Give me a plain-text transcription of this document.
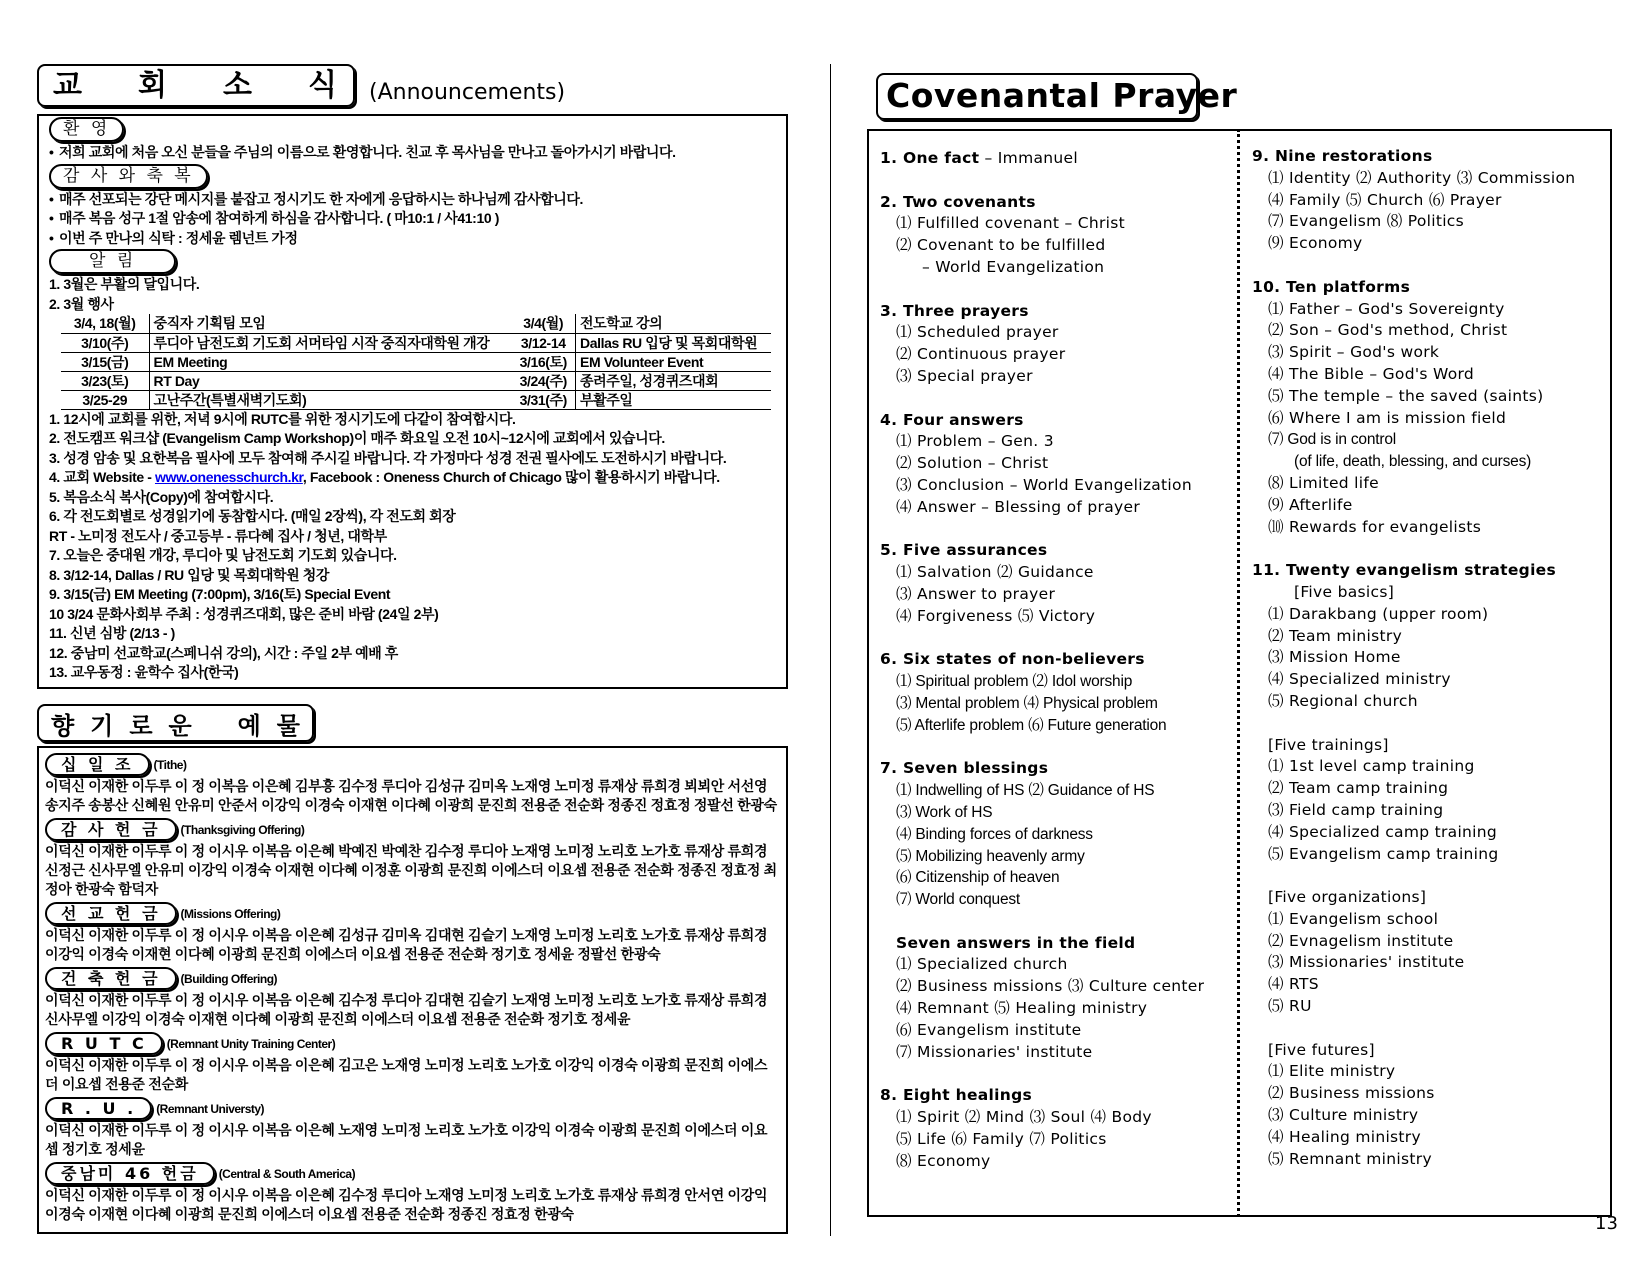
교 회 소 식 (Announcements)
환 영
• 저희 교회에 처음 오신 분들을 주님의 이름으로 환영합니다. 친교 후 목사님을 만나고 돌아가시기 바랍니다.
감 사 와 축 복
• 매주 선포되는 강단 메시지를 붙잡고 정시기도 한 자에게 응답하시는 하나님께 감사합니다.
• 매주 복음 성구 1절 암송에 참여하게 하심을 감사합니다. ( 마10:1 / 사41:10 )
• 이번 주 만나의 식탁 : 정세윤 렘넌트 가정
알 림
1. 3월은 부활의 달입니다.
2. 3월 행사
3/4, 18(월)	중직자 기획팀 모임	3/4(월)	전도학교 강의
3/10(주)	루디아 남전도회 기도회 서머타임 시작 중직자대학원 개강	3/12-14	Dallas RU 입당 및 목회대학원
3/15(금)	EM Meeting	3/16(토)	EM Volunteer Event
3/23(토)	RT Day	3/24(주)	종려주일, 성경퀴즈대회
3/25-29	고난주간(특별새벽기도회)	3/31(주)	부활주일
1. 12시에 교회를 위한, 저녁 9시에 RUTC를 위한 정시기도에 다같이 참여합시다.
2. 전도캠프 워크샵 (Evangelism Camp Workshop)이 매주 화요일 오전 10시~12시에 교회에서 있습니다.
3. 성경 암송 및 요한복음 필사에 모두 참여해 주시길 바랍니다. 각 가정마다 성경 전권 필사에도 도전하시기 바랍니다.
4. 교회 Website - www.onenesschurch.kr, Facebook : Oneness Church of Chicago 많이 활용하시기 바랍니다.
5. 복음소식 복사(Copy)에 참여합시다.
6. 각 전도회별로 성경읽기에 동참합시다. (매일 2장씩), 각 전도회 회장
RT - 노미정 전도사 / 중고등부 - 류다혜 집사 / 청년, 대학부
7. 오늘은 중대원 개강, 루디아 및 남전도회 기도회 있습니다.
8. 3/12-14, Dallas / RU 입당 및 목회대학원 청강
9. 3/15(금) EM Meeting (7:00pm), 3/16(토) Special Event
10 3/24 문화사회부 주최 : 성경퀴즈대회, 많은 준비 바람 (24일 2부)
11. 신년 심방 (2/13 - )
12. 중남미 선교학교(스페니쉬 강의), 시간 : 주일 2부 예배 후
13. 교우동정 : 윤학수 집사(한국)
향 기 로 운 예 물
십 일 조	(Tithe)
이덕신 이재한 이두루 이 정 이복음 이은혜 김부흥 김수정 루디아 김성규 김미옥 노재영 노미정 류재상 류희경 뵈뵈안 서선영 송지주 송봉산 신혜원 안유미 안준서 이강익 이경숙 이재현 이다혜 이광희 문진희 전용준 전순화 정종진 정효정 정팔선 한광숙
감 사 헌 금	(Thanksgiving Offering)
이덕신 이재한 이두루 이 정 이시우 이복음 이은혜 박예진 박예찬 김수정 루디아 노재영 노미정 노리호 노가호 류재상 류희경 신정근 신사무엘 안유미 이강익 이경숙 이재현 이다혜 이정훈 이광희 문진희 이에스더 이요셉 전용준 전순화 정종진 정효정 최정아 한광숙 함덕자
선 교 헌 금	(Missions Offering)
이덕신 이재한 이두루 이 정 이시우 이복음 이은혜 김성규 김미옥 김대현 김슬기 노재영 노미정 노리호 노가호 류재상 류희경 이강익 이경숙 이재현 이다혜 이광희 문진희 이에스더 이요셉 전용준 전순화 정기호 정세윤 정팔선 한광숙
건 축 헌 금	(Building Offering)
이덕신 이재한 이두루 이 정 이시우 이복음 이은혜 김수정 루디아 김대현 김슬기 노재영 노미정 노리호 노가호 류재상 류희경 신사무엘 이강익 이경숙 이재현 이다혜 이광희 문진희 이에스더 이요셉 전용준 전순화 정기호 정세윤
R U T C	(Remnant Unity Training Center)
이덕신 이재한 이두루 이 정 이시우 이복음 이은혜 김고은 노재영 노미정 노리호 노가호 이강익 이경숙 이광희 문진희 이에스더 이요셉 전용준 전순화
R . U .	(Remnant Universty)
이덕신 이재한 이두루 이 정 이시우 이복음 이은혜 노재영 노미정 노리호 노가호 이강익 이경숙 이광희 문진희 이에스더 이요셉 정기호 정세윤
중남미 46 헌금	(Central & South America)
이덕신 이재한 이두루 이 정 이시우 이복음 이은혜 김수정 루디아 노재영 노미정 노리호 노가호 류재상 류희경 안서연 이강익 이경숙 이재현 이다혜 이광희 문진희 이에스더 이요셉 전용준 전순화 정종진 정효정 한광숙
Covenantal Prayer
1. One fact – Immanuel
2. Two covenants
⑴ Fulfilled covenant – Christ
⑵ Covenant to be fulfilled
– World Evangelization
3. Three prayers
⑴ Scheduled prayer
⑵ Continuous prayer
⑶ Special prayer
4. Four answers
⑴ Problem – Gen. 3
⑵ Solution – Christ
⑶ Conclusion – World Evangelization
⑷ Answer – Blessing of prayer
5. Five assurances
⑴ Salvation ⑵ Guidance
⑶ Answer to prayer
⑷ Forgiveness ⑸ Victory
6. Six states of non-believers
⑴ Spiritual problem ⑵ Idol worship
⑶ Mental problem ⑷ Physical problem
⑸ Afterlife problem ⑹ Future generation
7. Seven blessings
⑴ Indwelling of HS ⑵ Guidance of HS
⑶ Work of HS
⑷ Binding forces of darkness
⑸ Mobilizing heavenly army
⑹ Citizenship of heaven
⑺ World conquest
Seven answers in the field
⑴ Specialized church
⑵ Business missions ⑶ Culture center
⑷ Remnant ⑸ Healing ministry
⑹ Evangelism institute
⑺ Missionaries' institute
8. Eight healings
⑴ Spirit ⑵ Mind ⑶ Soul ⑷ Body
⑸ Life ⑹ Family ⑺ Politics
⑻ Economy
9. Nine restorations
⑴ Identity ⑵ Authority ⑶ Commission
⑷ Family ⑸ Church ⑹ Prayer
⑺ Evangelism ⑻ Politics
⑼ Economy
10. Ten platforms
⑴ Father – God's Sovereignty
⑵ Son – God's method, Christ
⑶ Spirit – God's work
⑷ The Bible – God's Word
⑸ The temple – the saved (saints)
⑹ Where I am is mission field
⑺ God is in control
(of life, death, blessing, and curses)
⑻ Limited life
⑼ Afterlife
⑽ Rewards for evangelists
11. Twenty evangelism strategies
[Five basics]
⑴ Darakbang (upper room)
⑵ Team ministry
⑶ Mission Home
⑷ Specialized ministry
⑸ Regional church
[Five trainings]
⑴ 1st level camp training
⑵ Team camp training
⑶ Field camp training
⑷ Specialized camp training
⑸ Evangelism camp training
[Five organizations]
⑴ Evangelism school
⑵ Evnagelism institute
⑶ Missionaries' institute
⑷ RTS
⑸ RU
[Five futures]
⑴ Elite ministry
⑵ Business missions
⑶ Culture ministry
⑷ Healing ministry
⑸ Remnant ministry
13
